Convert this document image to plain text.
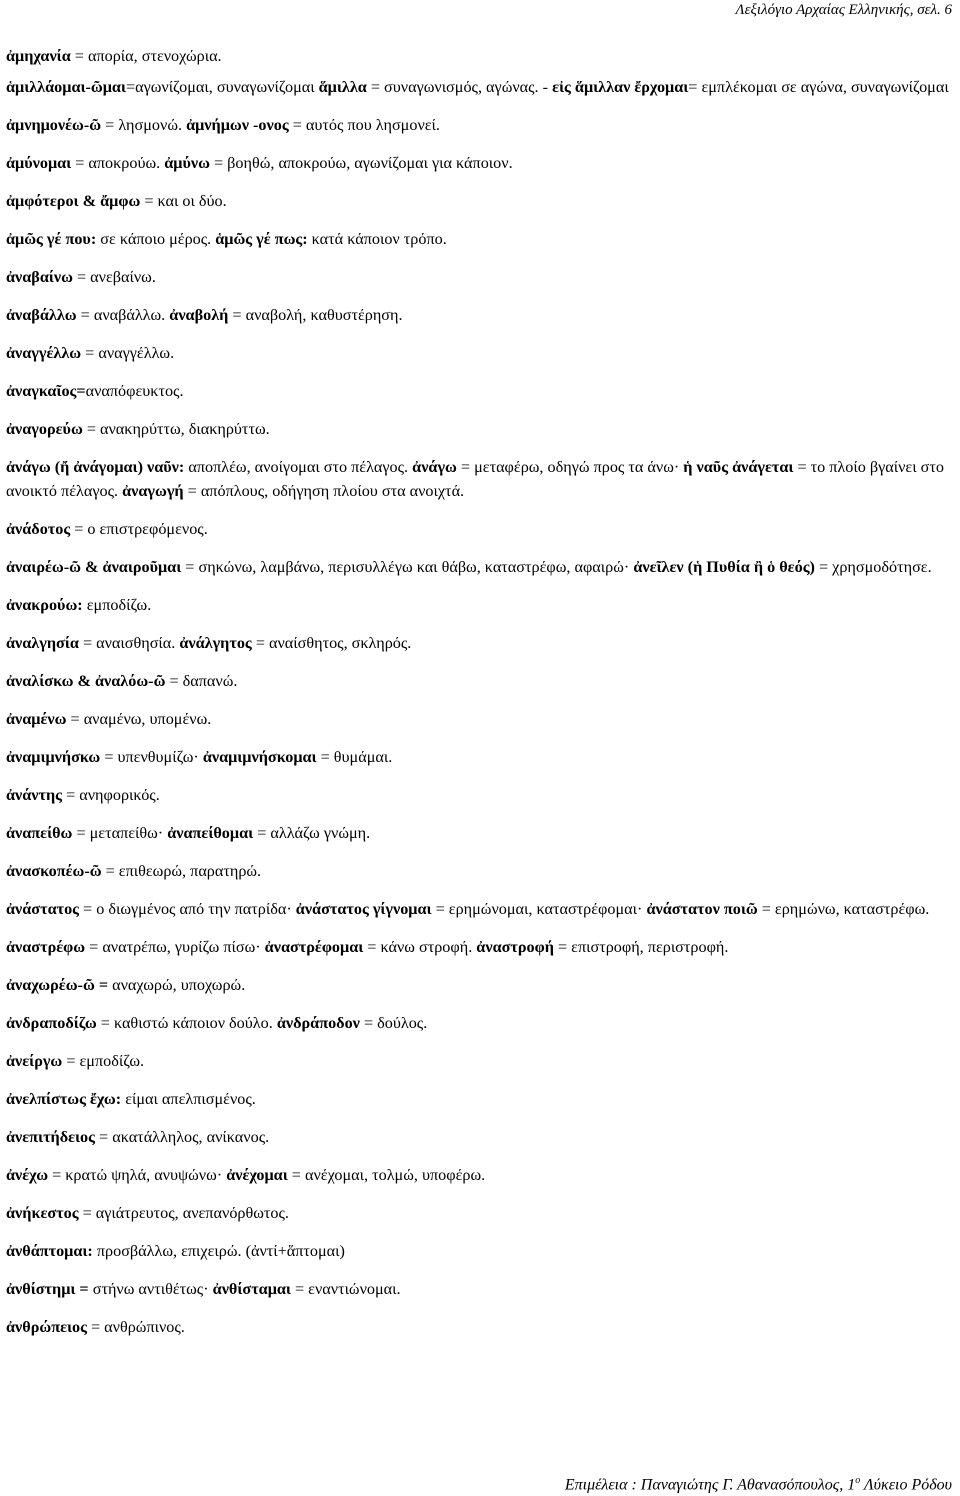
Λεξιλόγιο Αρχαίας Ελληνικής, σελ. 6
ἀμηχανία = απορία, στενοχώρια.
ἁμιλλάομαι-ῶμαι=αγωνίζομαι, συναγωνίζομαι ἅμιλλα = συναγωνισμός, αγώνας. - εἰς ἅμιλλαν ἔρχομαι= εμπλέκομαι σε αγώνα, συναγωνίζομαι
ἀμνημονέω-ῶ = λησμονώ. ἀμνήμων -ονος = αυτός που λησμονεί.
ἀμύνομαι = αποκρούω. ἀμύνω = βοηθώ, αποκρούω, αγωνίζομαι για κάποιον.
ἀμφότεροι & ἄμφω = και οι δύο.
ἀμῶς γέ που: σε κάποιο μέρος. ἁμῶς γέ πως: κατά κάποιον τρόπο.
ἀναβαίνω = ανεβαίνω.
ἀναβάλλω = αναβάλλω. ἀναβολή = αναβολή, καθυστέρηση.
ἀναγγέλλω = αναγγέλλω.
ἀναγκαῖος=αναπόφευκτος.
ἀναγορεύω = ανακηρύττω, διακηρύττω.
ἀνάγω (ἤ ἀνάγομαι) ναῦν: αποπλέω, ανοίγομαι στο πέλαγος. ἀνάγω = μεταφέρω, οδηγώ προς τα άνω· ἡ ναῦς ἀνάγεται = το πλοίο βγαίνει στο ανοικτό πέλαγος. ἀναγωγή = απόπλους, οδήγηση πλοίου στα ανοιχτά.
ἀνάδοτος = ο επιστρεφόμενος.
ἀναιρέω-ῶ & ἀναιροῦμαι = σηκώνω, λαμβάνω, περισυλλέγω και θάβω, καταστρέφω, αφαιρώ· ἀνεῖλεν (ἡ Πυθία ἢ ὁ θεός) = χρησμοδότησε.
ἀνακρούω: εμποδίζω.
ἀναλγησία = αναισθησία. ἀνάλγητος = αναίσθητος, σκληρός.
ἀναλίσκω & ἀναλόω-ῶ = δαπανώ.
ἀναμένω = αναμένω, υπομένω.
ἀναμιμνήσκω = υπενθυμίζω· ἀναμιμνήσκομαι = θυμάμαι.
ἀνάντης = ανηφορικός.
ἀναπείθω = μεταπείθω· ἀναπείθομαι = αλλάζω γνώμη.
ἀνασκοπέω-ῶ = επιθεωρώ, παρατηρώ.
ἀνάστατος = ο διωγμένος από την πατρίδα· ἀνάστατος γίγνομαι = ερημώνομαι, καταστρέφομαι· ἀνάστατον ποιῶ = ερημώνω, καταστρέφω.
ἀναστρέφω = ανατρέπω, γυρίζω πίσω· ἀναστρέφομαι = κάνω στροφή. ἀναστροφή = επιστροφή, περιστροφή.
ἀναχωρέω-ῶ = αναχωρώ, υποχωρώ.
ἀνδραποδίζω = καθιστώ κάποιον δούλο. ἀνδράποδον = δούλος.
ἀνείργω = εμποδίζω.
ἀνελπίστως ἔχω: είμαι απελπισμένος.
ἀνεπιτήδειος = ακατάλληλος, ανίκανος.
ἀνέχω = κρατώ ψηλά, ανυψώνω· ἀνέχομαι = ανέχομαι, τολμώ, υποφέρω.
ἀνήκεστος = αγιάτρευτος, ανεπανόρθωτος.
ἀνθάπτομαι: προσβάλλω, επιχειρώ. (ἀντί+ἅπτομαι)
ἀνθίστημι = στήνω αντιθέτως· ἀνθίσταμαι = εναντιώνομαι.
ἀνθρώπειος = ανθρώπινος.
Επιμέλεια : Παναγιώτης Γ. Αθανασόπουλος, $1^o$ Λύκειο Ρόδου
